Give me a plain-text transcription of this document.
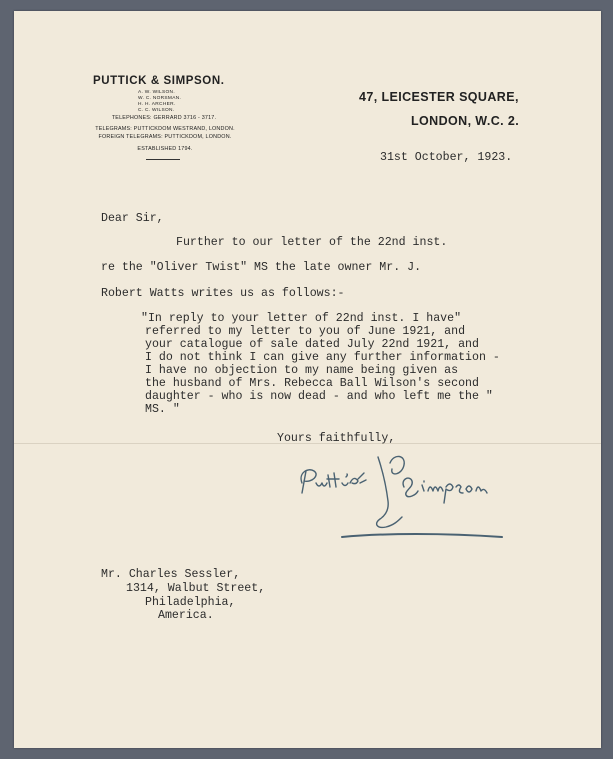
PUTTICK & SIMPSON.
A. W. WILSON.
W. C. NORSMAN.
H. H. ARCHER.
C. C. WILSON.
TELEPHONES: GERRARD 3716 - 3717.
TELEGRAMS: PUTTICKDOM WESTRAND, LONDON.
FOREIGN TELEGRAMS: PUTTICKDOM, LONDON.
ESTABLISHED 1794.
47, LEICESTER SQUARE,
LONDON, W.C. 2.
31st October, 1923.
Dear Sir,
Further to our letter of the 22nd inst.
re the "Oliver Twist" MS the late owner Mr. J.
Robert Watts writes us as follows:-
"In reply to your letter of 22nd inst. I have"
referred to my letter to you of June 1921, and
your catalogue of sale dated July 22nd 1921, and
I do not think I can give any further information -
I have no objection to my name being given as
the husband of Mrs. Rebecca Ball Wilson's second
daughter - who is now dead - and who left me the "
MS. "
Yours faithfully,
Mr. Charles Sessler,
1314, Walbut Street,
Philadelphia,
America.
